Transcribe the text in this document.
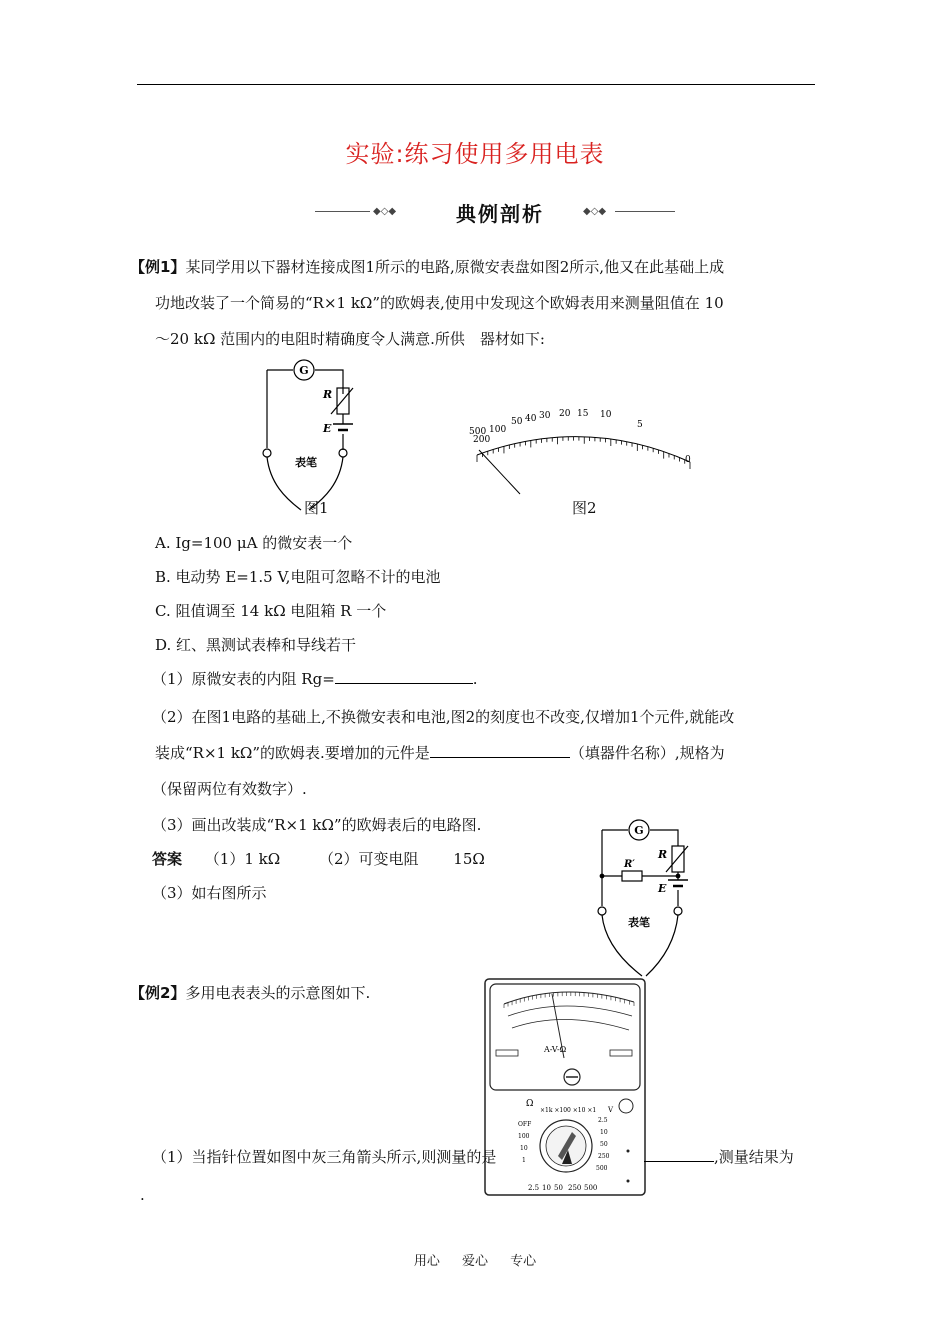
实验:练习使用多用电表
◆◇◆	典例剖析	◆◇◆
【例1】某同学用以下器材连接成图1所示的电路,原微安表盘如图2所示,他又在此基础上成
功地改装了一个简易的“R×1 kΩ”的欧姆表,使用中发现这个欧姆表用来测量阻值在 10
～20 kΩ 范围内的电阻时精确度令人满意.所供　器材如下:
G
R
E
表笔
图1
500
200
100
50 40 30 20 15 10
5
0
图2
A. Ig=100 μA 的微安表一个
B. 电动势 E=1.5 V,电阻可忽略不计的电池
C. 阻值调至 14 kΩ 电阻箱 R 一个
D. 红、黑测试表棒和导线若干
（1）原微安表的内阻 Rg=	.
（2）在图1电路的基础上,不换微安表和电池,图2的刻度也不改变,仅增加1个元件,就能改
装成“R×1 kΩ”的欧姆表.要增加的元件是	（填器件名称）,规格为
（保留两位有效数字）.
（3）画出改装成“R×1 kΩ”的欧姆表后的电路图.
答案 （1）1 kΩ	（2）可变电阻 15Ω
（3）如右图所示
G
R
R′
E
表笔
【例2】多用电表表头的示意图如下.
A-V-Ω
Ω
×1k ×100 ×10 ×1
OFF
100
10
1
2.5
10
50
250
500
V
2.5 10 50 250 500
（1）当指针位置如图中灰三角箭头所示,则测量的是	,测量结果为
.
用心 爱心 专心
